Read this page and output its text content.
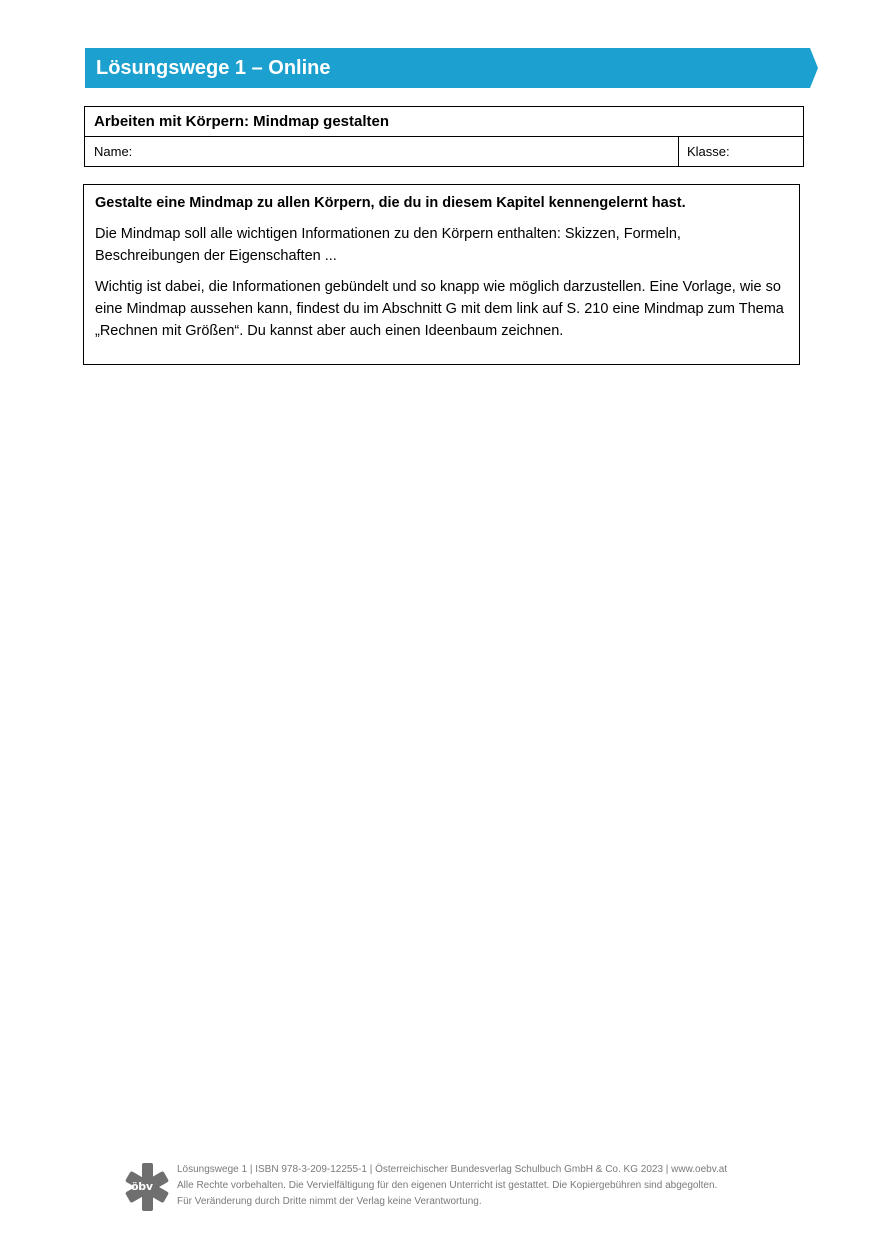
Lösungswege 1 – Online
Arbeiten mit Körpern: Mindmap gestalten
Name:	Klasse:

Gestalte eine Mindmap zu allen Körpern, die du in diesem Kapitel kennengelernt hast.

Die Mindmap soll alle wichtigen Informationen zu den Körpern enthalten: Skizzen, Formeln, Beschreibungen der Eigenschaften ...

Wichtig ist dabei, die Informationen gebündelt und so knapp wie möglich darzustellen. Eine Vorlage, wie so eine Mindmap aussehen kann, findest du im Abschnitt G mit dem link auf S. 210 eine Mindmap zum Thema „Rechnen mit Größen“. Du kannst aber auch einen Ideenbaum zeichnen.

öbv
Lösungswege 1 | ISBN 978-3-209-12255-1 | Österreichischer Bundesverlag Schulbuch GmbH & Co. KG 2023 | www.oebv.at
Alle Rechte vorbehalten. Die Vervielfältigung für den eigenen Unterricht ist gestattet. Die Kopiergebühren sind abgegolten.
Für Veränderung durch Dritte nimmt der Verlag keine Verantwortung.
